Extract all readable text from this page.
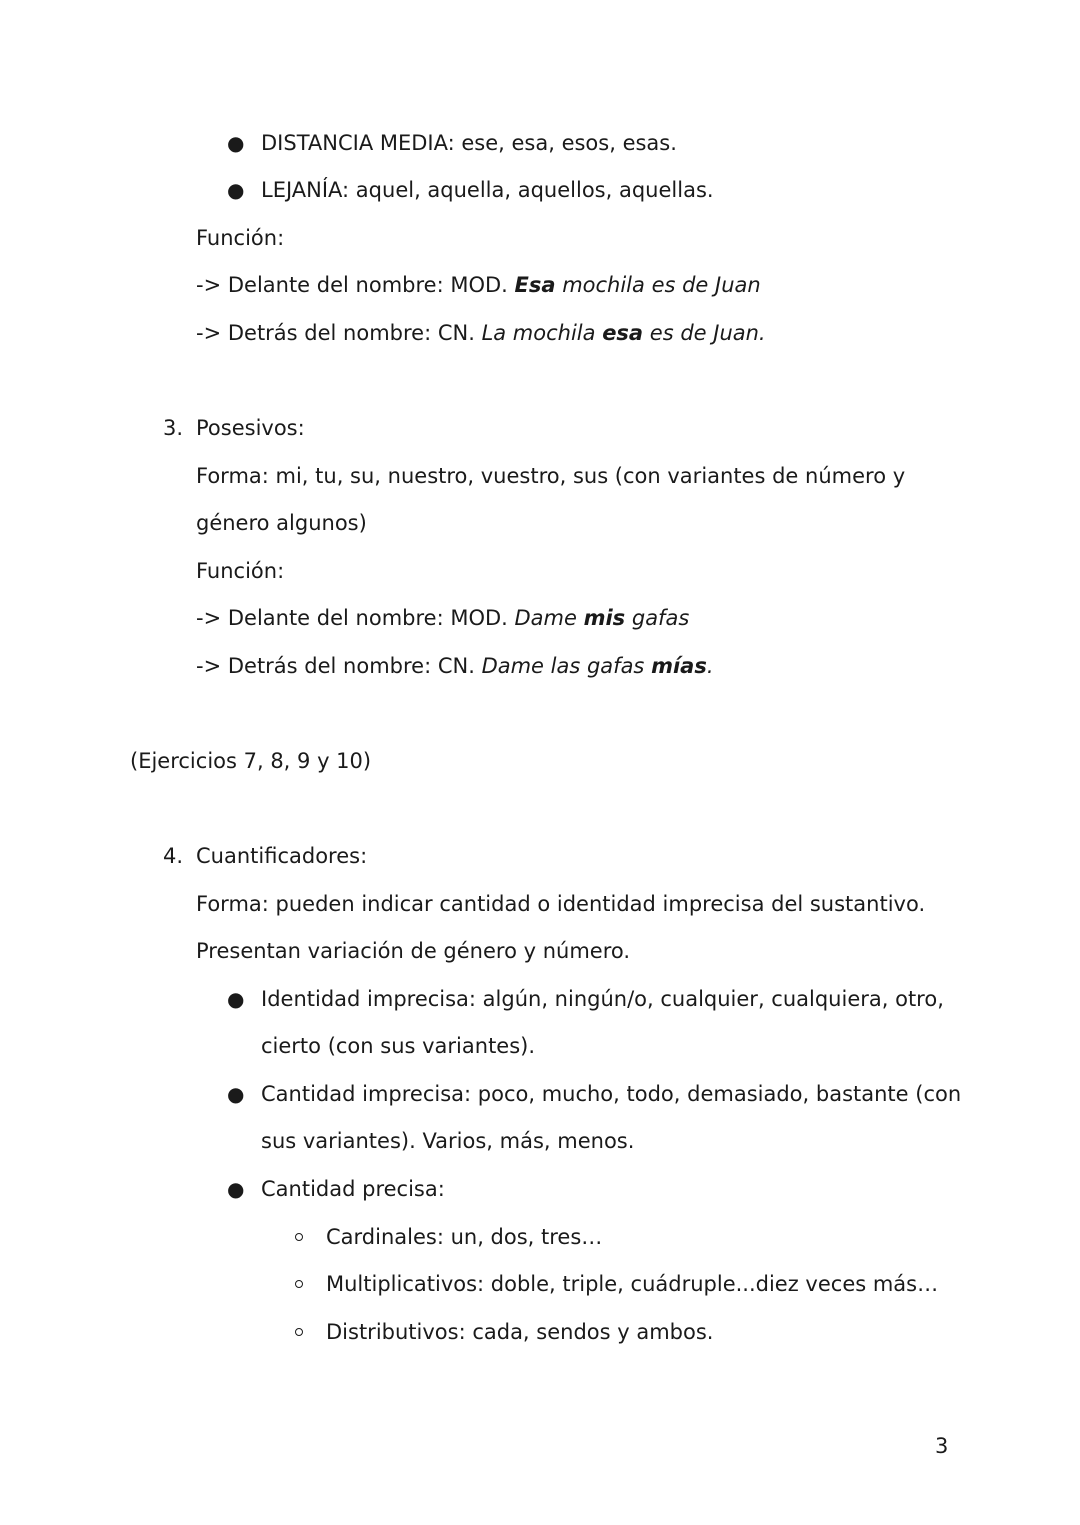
● DISTANCIA MEDIA: ese, esa, esos, esas.
● LEJANÍA: aquel, aquella, aquellos, aquellas.
Función:
-> Delante del nombre: MOD. Esa mochila es de Juan
-> Detrás del nombre: CN. La mochila esa es de Juan.
3. Posesivos:
Forma: mi, tu, su, nuestro, vuestro, sus (con variantes de número y
género algunos)
Función:
-> Delante del nombre: MOD. Dame mis gafas
-> Detrás del nombre: CN. Dame las gafas mías.
(Ejercicios 7, 8, 9 y 10)
4. Cuantificadores:
Forma: pueden indicar cantidad o identidad imprecisa del sustantivo.
Presentan variación de género y número.
● Identidad imprecisa: algún, ningún/o, cualquier, cualquiera, otro,
cierto (con sus variantes).
● Cantidad imprecisa: poco, mucho, todo, demasiado, bastante (con
sus variantes). Varios, más, menos.
● Cantidad precisa:
Cardinales: un, dos, tres…
Multiplicativos: doble, triple, cuádruple...diez veces más…
Distributivos: cada, sendos y ambos.
3
